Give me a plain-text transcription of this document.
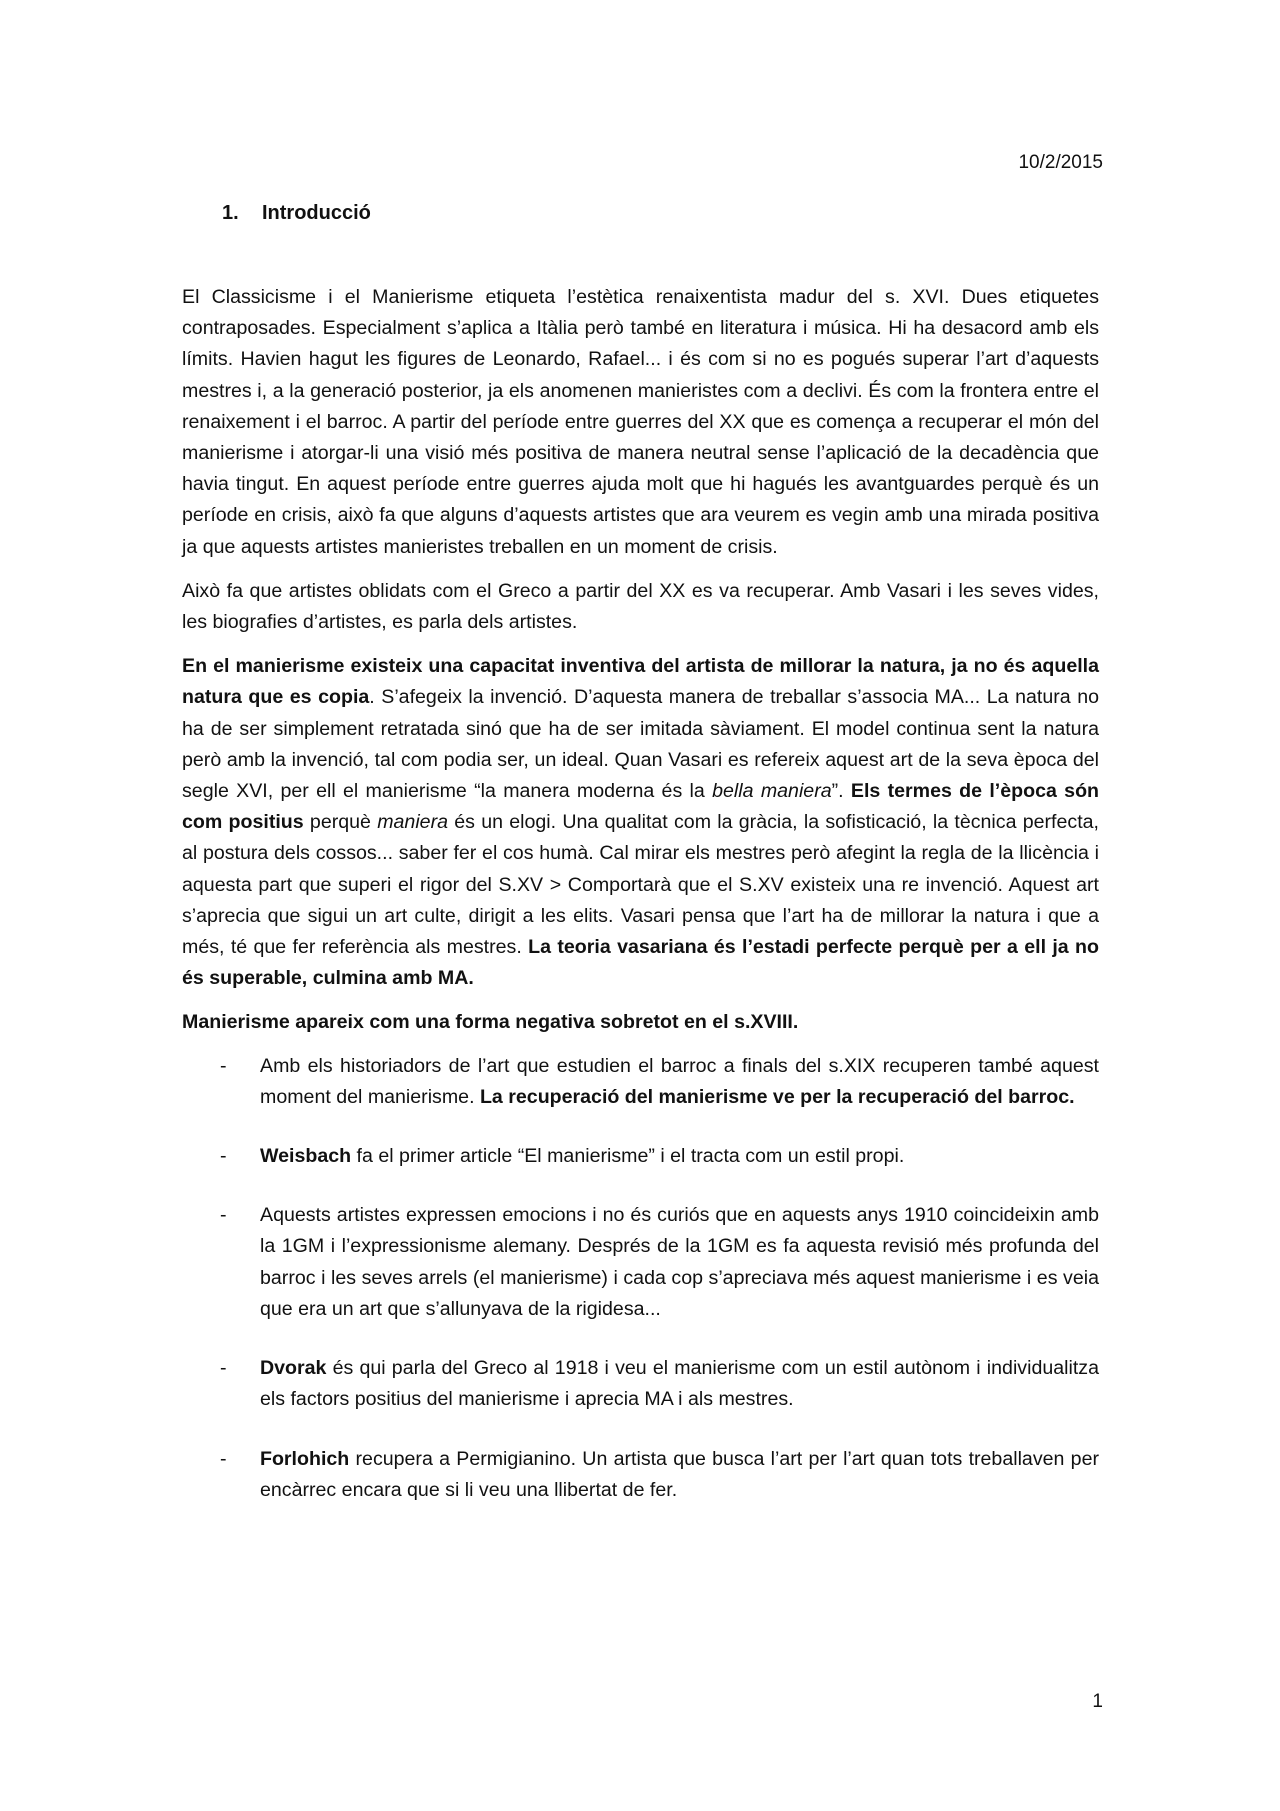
10/2/2015
1. Introducció

El Classicisme i el Manierisme etiqueta l’estètica renaixentista madur del s. XVI. Dues etiquetes contraposades. Especialment s’aplica a Itàlia però també en literatura i música. Hi ha desacord amb els límits. Havien hagut les figures de Leonardo, Rafael... i és com si no es pogués superar l’art d’aquests mestres i, a la generació posterior, ja els anomenen manieristes com a declivi. És com la frontera entre el renaixement i el barroc. A partir del període entre guerres del XX que es comença a recuperar el món del manierisme i atorgar-li una visió més positiva de manera neutral sense l’aplicació de la decadència que havia tingut. En aquest període entre guerres ajuda molt que hi hagués les avantguardes perquè és un període en crisis, això fa que alguns d’aquests artistes que ara veurem es vegin amb una mirada positiva ja que aquests artistes manieristes treballen en un moment de crisis.

Això fa que artistes oblidats com el Greco a partir del XX es va recuperar. Amb Vasari i les seves vides, les biografies d’artistes, es parla dels artistes.

En el manierisme existeix una capacitat inventiva del artista de millorar la natura, ja no és aquella natura que es copia. S’afegeix la invenció. D’aquesta manera de treballar s’associa MA... La natura no ha de ser simplement retratada sinó que ha de ser imitada sàviament. El model continua sent la natura però amb la invenció, tal com podia ser, un ideal. Quan Vasari es refereix aquest art de la seva època del segle XVI, per ell el manierisme “la manera moderna és la bella maniera”. Els termes de l’època són com positius perquè maniera és un elogi. Una qualitat com la gràcia, la sofisticació, la tècnica perfecta, al postura dels cossos... saber fer el cos humà. Cal mirar els mestres però afegint la regla de la llicència i aquesta part que superi el rigor del S.XV > Comportarà que el S.XV existeix una re invenció. Aquest art s’aprecia que sigui un art culte, dirigit a les elits. Vasari pensa que l’art ha de millorar la natura i que a més, té que fer referència als mestres. La teoria vasariana és l’estadi perfecte perquè per a ell ja no és superable, culmina amb MA.

Manierisme apareix com una forma negativa sobretot en el s.XVIII.

- Amb els historiadors de l’art que estudien el barroc a finals del s.XIX recuperen també aquest moment del manierisme. La recuperació del manierisme ve per la recuperació del barroc.
- Weisbach fa el primer article “El manierisme” i el tracta com un estil propi.
- Aquests artistes expressen emocions i no és curiós que en aquests anys 1910 coincideixin amb la 1GM i l’expressionisme alemany. Després de la 1GM es fa aquesta revisió més profunda del barroc i les seves arrels (el manierisme) i cada cop s’apreciava més aquest manierisme i es veia que era un art que s’allunyava de la rigidesa...
- Dvorak és qui parla del Greco al 1918 i veu el manierisme com un estil autònom i individualitza els factors positius del manierisme i aprecia MA i als mestres.
- Forlohich recupera a Permigianino. Un artista que busca l’art per l’art quan tots treballaven per encàrrec encara que si li veu una llibertat de fer.
1
